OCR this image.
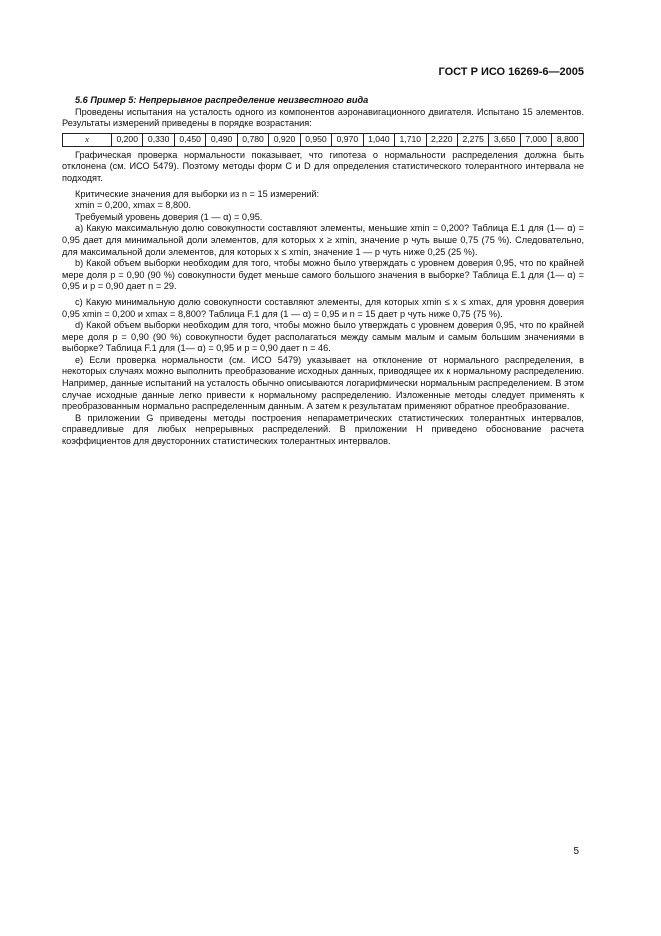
ГОСТ Р ИСО 16269-6—2005

5.6 Пример 5: Непрерывное распределение неизвестного вида

Проведены испытания на усталость одного из компонентов аэронавигационного двигателя. Испытано 15 элементов. Результаты измерений приведены в порядке возрастания:

x	0,200	0,330	0,450	0,490	0,780	0,920	0,950	0,970	1,040	1,710	2,220	2,275	3,650	7,000	8,800

Графическая проверка нормальности показывает, что гипотеза о нормальности распределения должна быть отклонена (см. ИСО 5479). Поэтому методы форм С и D для определения статистического толерантного интервала не подходят.

Критические значения для выборки из n = 15 измерений:

xmin = 0,200, xmax = 8,800.

Требуемый уровень доверия (1 — α) = 0,95.

а) Какую максимальную долю совокупности составляют элементы, меньшие xmin = 0,200? Таблица Е.1 для (1— α) = 0,95 дает для минимальной доли элементов, для которых x ≥ xmin, значение p чуть выше 0,75 (75 %). Следовательно, для максимальной доли элементов, для которых x ≤ xmin, значение 1 — p чуть ниже 0,25 (25 %).

b) Какой объем выборки необходим для того, чтобы можно было утверждать с уровнем доверия 0,95, что по крайней мере доля p = 0,90 (90 %) совокупности будет меньше самого большого значения в выборке? Таблица Е.1 для (1— α) = 0,95 и p = 0,90 дает n = 29.

c) Какую минимальную долю совокупности составляют элементы, для которых xmin ≤ x ≤ xmax, для уровня доверия 0,95 xmin = 0,200 и xmax = 8,800? Таблица F.1 для (1 — α) = 0,95 и n = 15 дает p чуть ниже 0,75 (75 %).

d) Какой объем выборки необходим для того, чтобы можно было утверждать с уровнем доверия 0,95, что по крайней мере доля p = 0,90 (90 %) совокупности будет располагаться между самым малым и самым большим значениями в выборке? Таблица F.1 для (1— α) = 0,95 и p = 0,90 дает n = 46.

е) Если проверка нормальности (см. ИСО 5479) указывает на отклонение от нормального распределения, в некоторых случаях можно выполнить преобразование исходных данных, приводящее их к нормальному распределению. Например, данные испытаний на усталость обычно описываются логарифмически нормальным распределением. В этом случае исходные данные легко привести к нормальному распределению. Изложенные методы следует применять к преобразованным нормально распределенным данным. А затем к результатам применяют обратное преобразование.

В приложении G приведены методы построения непараметрических статистических толерантных интервалов, справедливые для любых непрерывных распределений. В приложении Н приведено обоснование расчета коэффициентов для двусторонних статистических толерантных интервалов.

5
